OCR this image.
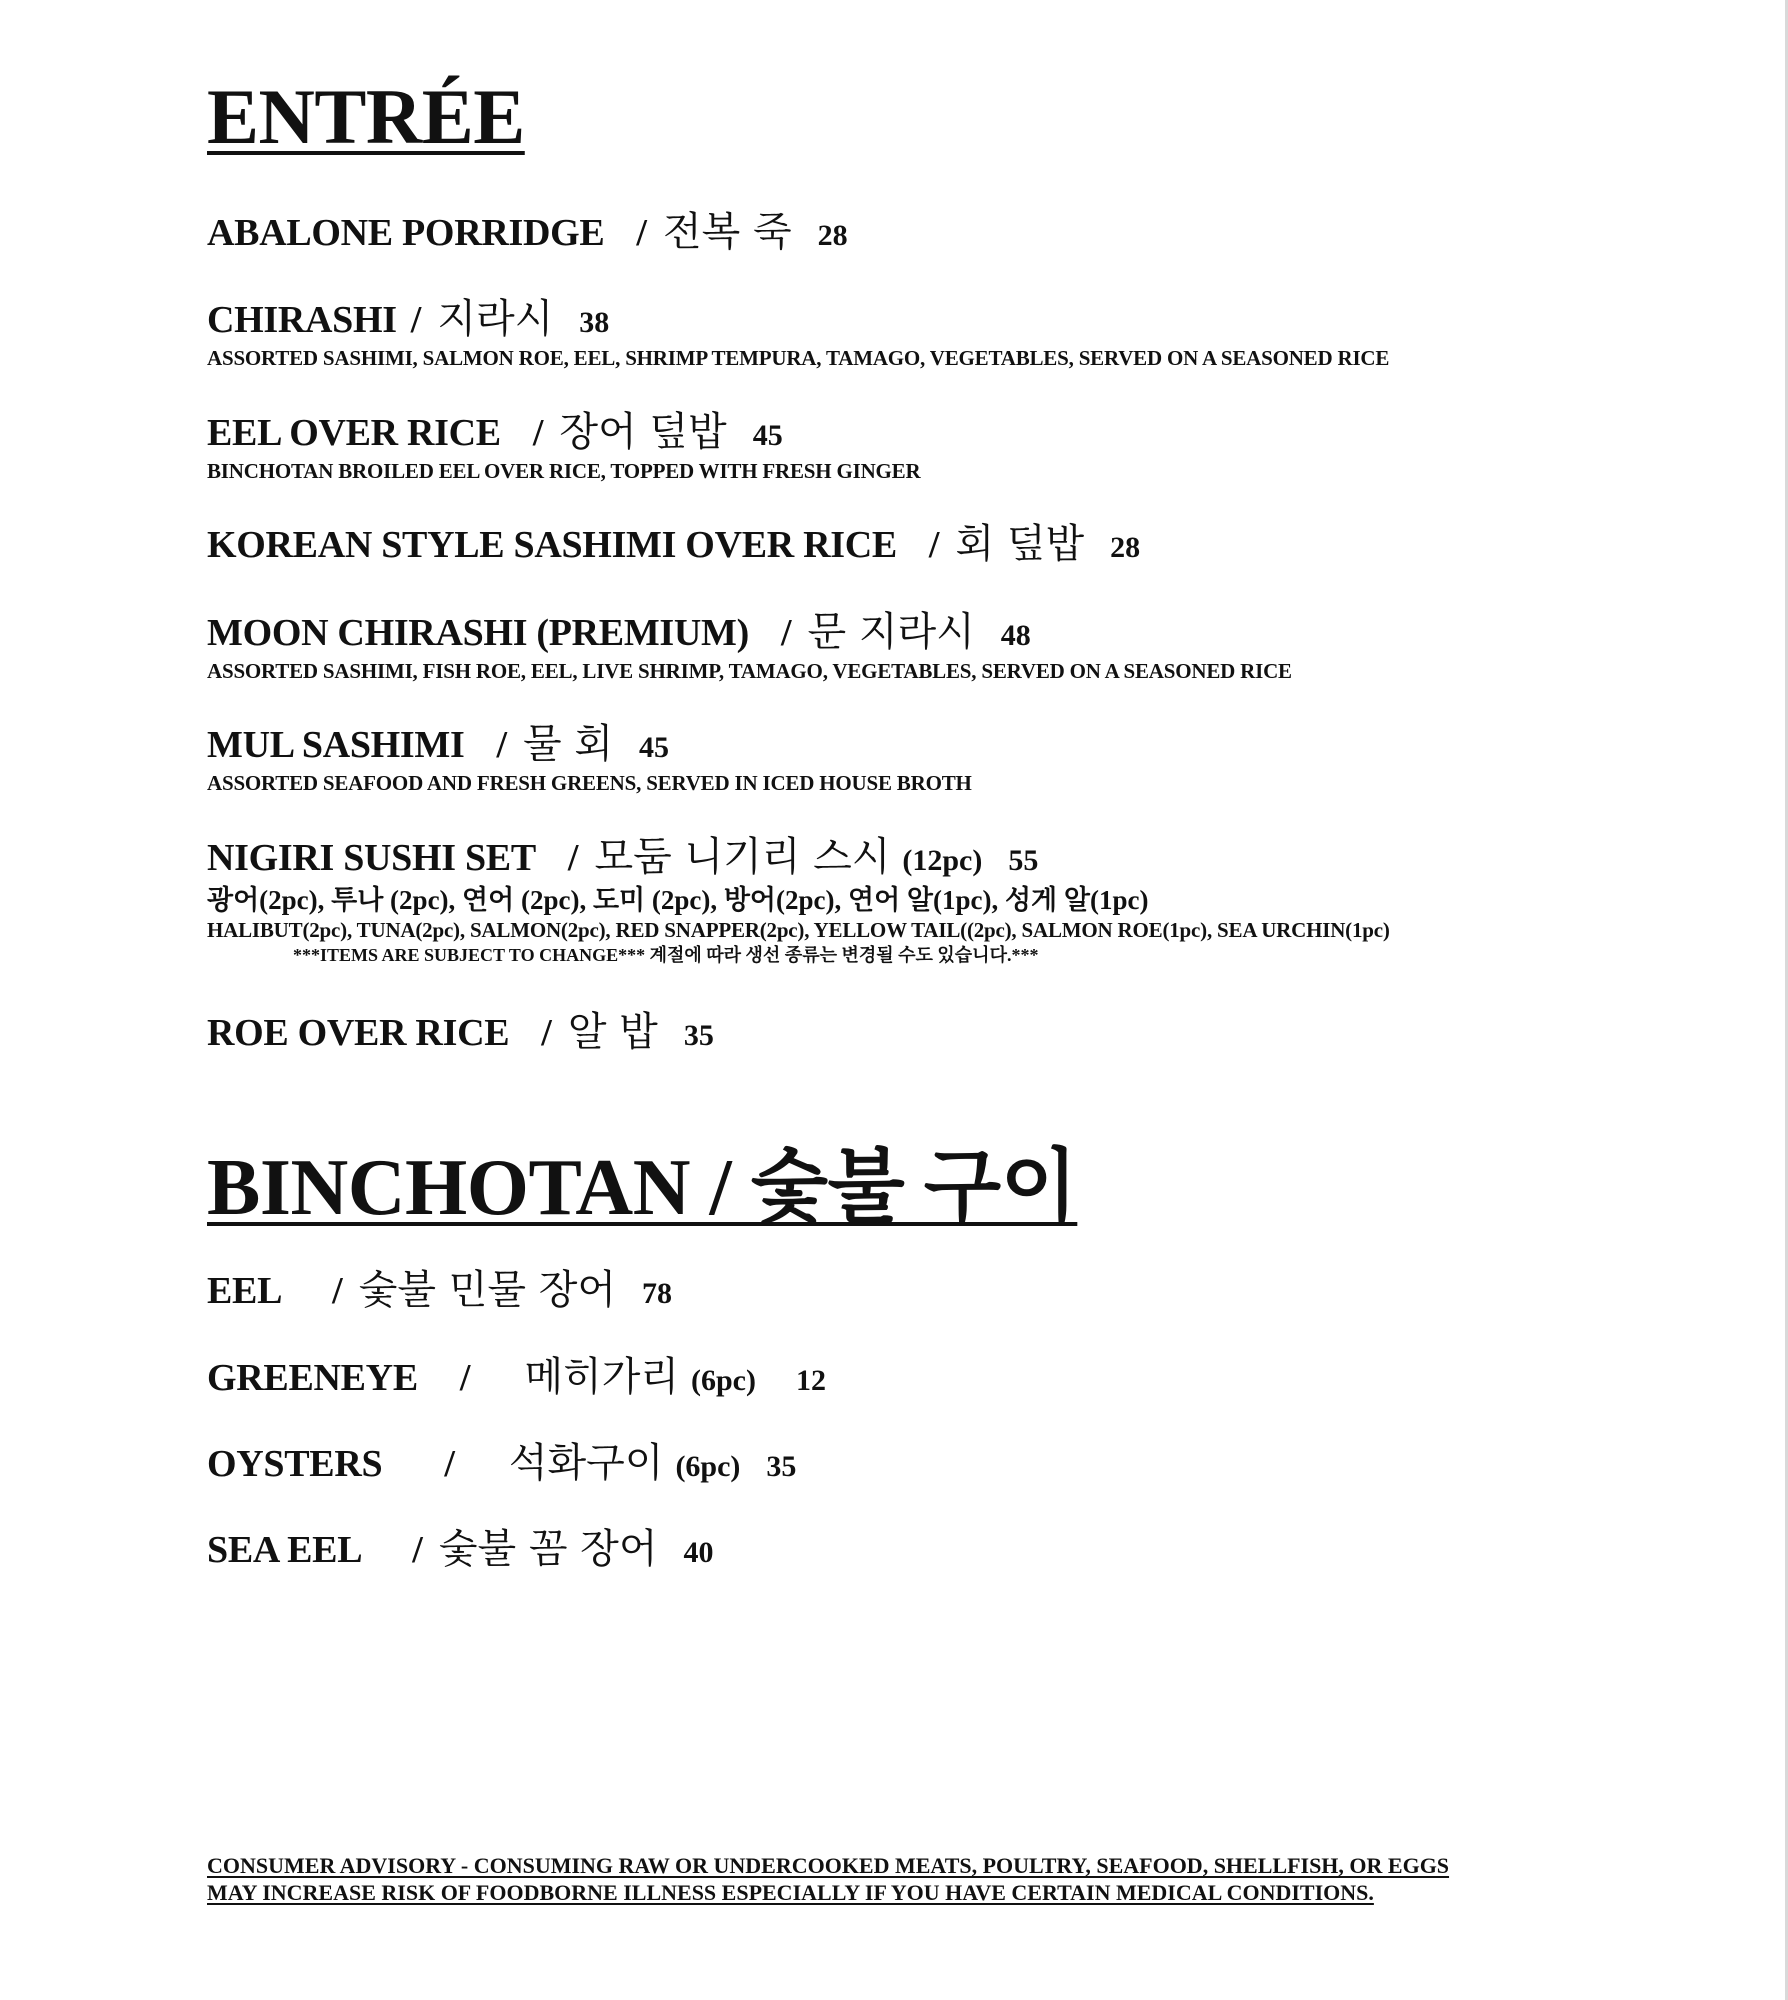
ENTRÉE
ABALONE PORRIDGE / 전복 죽 28
CHIRASHI / 지라시 38
ASSORTED SASHIMI, SALMON ROE, EEL, SHRIMP TEMPURA, TAMAGO, VEGETABLES, SERVED ON A SEASONED RICE
EEL OVER RICE / 장어 덮밥 45
BINCHOTAN BROILED EEL OVER RICE, TOPPED WITH FRESH GINGER
KOREAN STYLE SASHIMI OVER RICE / 회 덮밥 28
MOON CHIRASHI (PREMIUM) / 문 지라시 48
ASSORTED SASHIMI, FISH ROE, EEL, LIVE SHRIMP, TAMAGO, VEGETABLES, SERVED ON A SEASONED RICE
MUL SASHIMI / 물 회 45
ASSORTED SEAFOOD AND FRESH GREENS, SERVED IN ICED HOUSE BROTH
NIGIRI SUSHI SET / 모둠 니기리 스시 (12pc) 55
광어(2pc), 투나 (2pc), 연어 (2pc), 도미 (2pc), 방어(2pc), 연어 알(1pc), 성게 알(1pc)
HALIBUT(2pc), TUNA(2pc), SALMON(2pc), RED SNAPPER(2pc), YELLOW TAIL((2pc), SALMON ROE(1pc), SEA URCHIN(1pc)
***ITEMS ARE SUBJECT TO CHANGE*** 계절에 따라 생선 종류는 변경될 수도 있습니다.***
ROE OVER RICE / 알 밥 35
BINCHOTAN / 숯불 구이
EEL / 숯불 민물 장어 78
GREENEYE / 메히가리 (6pc) 12
OYSTERS / 석화구이 (6pc) 35
SEA EEL / 숯불 꼼 장어 40
CONSUMER ADVISORY - CONSUMING RAW OR UNDERCOOKED MEATS, POULTRY, SEAFOOD, SHELLFISH, OR EGGS
MAY INCREASE RISK OF FOODBORNE ILLNESS ESPECIALLY IF YOU HAVE CERTAIN MEDICAL CONDITIONS.
